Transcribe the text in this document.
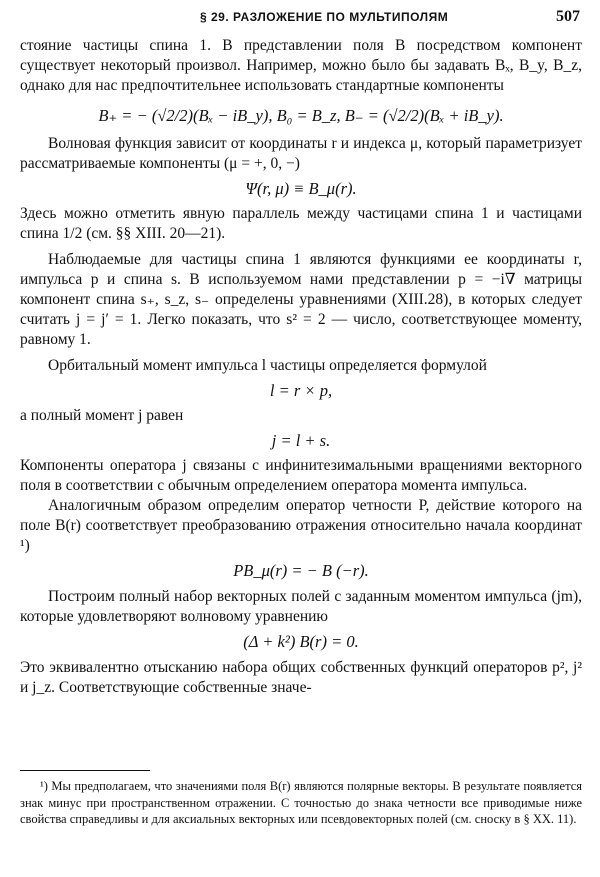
§ 29. РАЗЛОЖЕНИЕ ПО МУЛЬТИПОЛЯМ	507

стояние частицы спина 1. В представлении поля B посредством компонент существует некоторый произвол. Например, можно было бы задавать Bₓ, B_y, B_z, однако для нас предпочтительнее использовать стандартные компоненты

B₊ = − (√2/2)(Bₓ − iB_y), B₀ = B_z, B₋ = (√2/2)(Bₓ + iB_y).

Волновая функция зависит от координаты r и индекса μ, который параметризует рассматриваемые компоненты (μ = +, 0, −)

Ψ(r, μ) ≡ B_μ(r).

Здесь можно отметить явную параллель между частицами спина 1 и частицами спина 1/2 (см. §§ XIII. 20—21).

Наблюдаемые для частицы спина 1 являются функциями ее координаты r, импульса p и спина s. В используемом нами представлении p = −i∇ матрицы компонент спина s₊, s_z, s₋ определены уравнениями (XIII.28), в которых следует считать j = j′ = 1. Легко показать, что s² = 2 — число, соответствующее моменту, равному 1.

Орбитальный момент импульса l частицы определяется формулой

l = r × p,

а полный момент j равен

j = l + s.

Компоненты оператора j связаны с инфинитезимальными вращениями векторного поля в соответствии с обычным определением оператора момента импульса.

Аналогичным образом определим оператор четности P, действие которого на поле B(r) соответствует преобразованию отражения относительно начала координат ¹)

PB_μ(r) = − B (−r).

Построим полный набор векторных полей с заданным моментом импульса (jm), которые удовлетворяют волновому уравнению

(Δ + k²) B(r) = 0.

Это эквивалентно отысканию набора общих собственных функций операторов p², j² и j_z. Соответствующие собственные значе-

¹) Мы предполагаем, что значениями поля B(r) являются полярные векторы. В результате появляется знак минус при пространственном отражении. С точностью до знака четности все приводимые ниже свойства справедливы и для аксиальных векторных или псевдовекторных полей (см. сноску в § XX. 11).
